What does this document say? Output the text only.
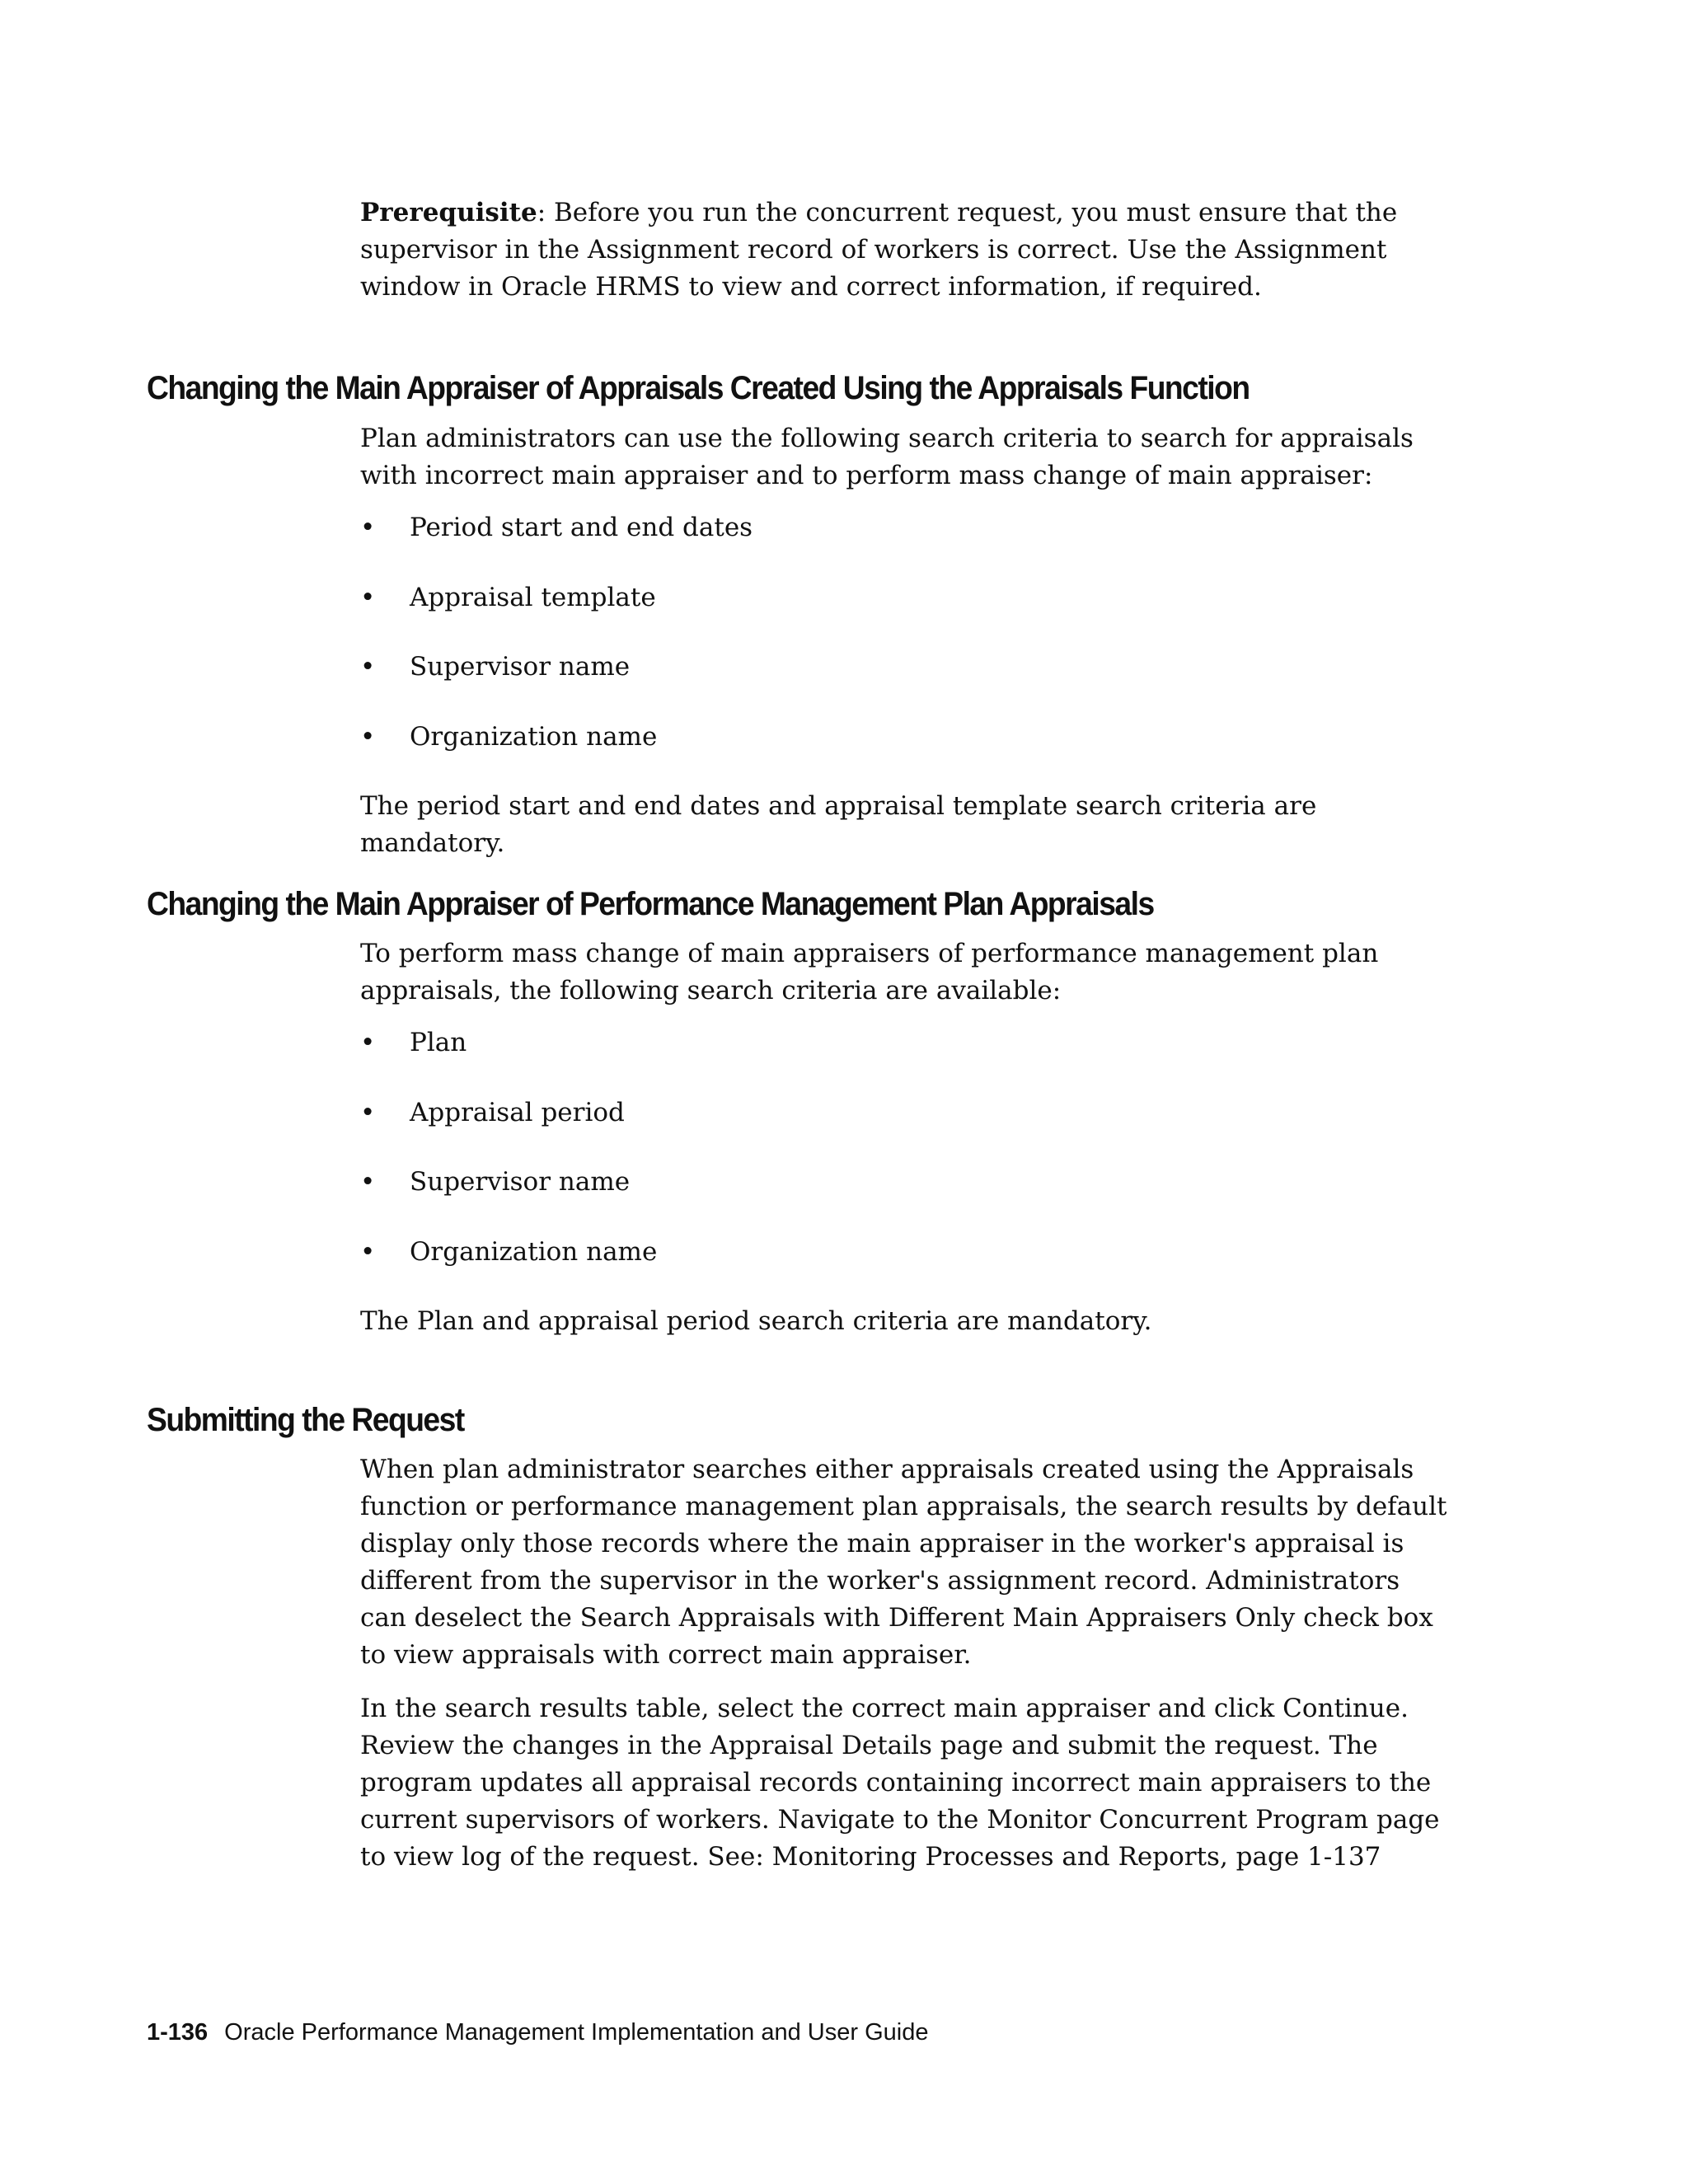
Prerequisite: Before you run the concurrent request, you must ensure that the supervisor in the Assignment record of workers is correct. Use the Assignment window in Oracle HRMS to view and correct information, if required.

Changing the Main Appraiser of Appraisals Created Using the Appraisals Function

Plan administrators can use the following search criteria to search for appraisals with incorrect main appraiser and to perform mass change of main appraiser:

• Period start and end dates
• Appraisal template
• Supervisor name
• Organization name

The period start and end dates and appraisal template search criteria are mandatory.

Changing the Main Appraiser of Performance Management Plan Appraisals

To perform mass change of main appraisers of performance management plan appraisals, the following search criteria are available:

• Plan
• Appraisal period
• Supervisor name
• Organization name

The Plan and appraisal period search criteria are mandatory.

Submitting the Request

When plan administrator searches either appraisals created using the Appraisals function or performance management plan appraisals, the search results by default display only those records where the main appraiser in the worker's appraisal is different from the supervisor in the worker's assignment record. Administrators can deselect the Search Appraisals with Different Main Appraisers Only check box to view appraisals with correct main appraiser.

In the search results table, select the correct main appraiser and click Continue. Review the changes in the Appraisal Details page and submit the request. The program updates all appraisal records containing incorrect main appraisers to the current supervisors of workers. Navigate to the Monitor Concurrent Program page to view log of the request. See: Monitoring Processes and Reports, page 1-137

1-136 Oracle Performance Management Implementation and User Guide
